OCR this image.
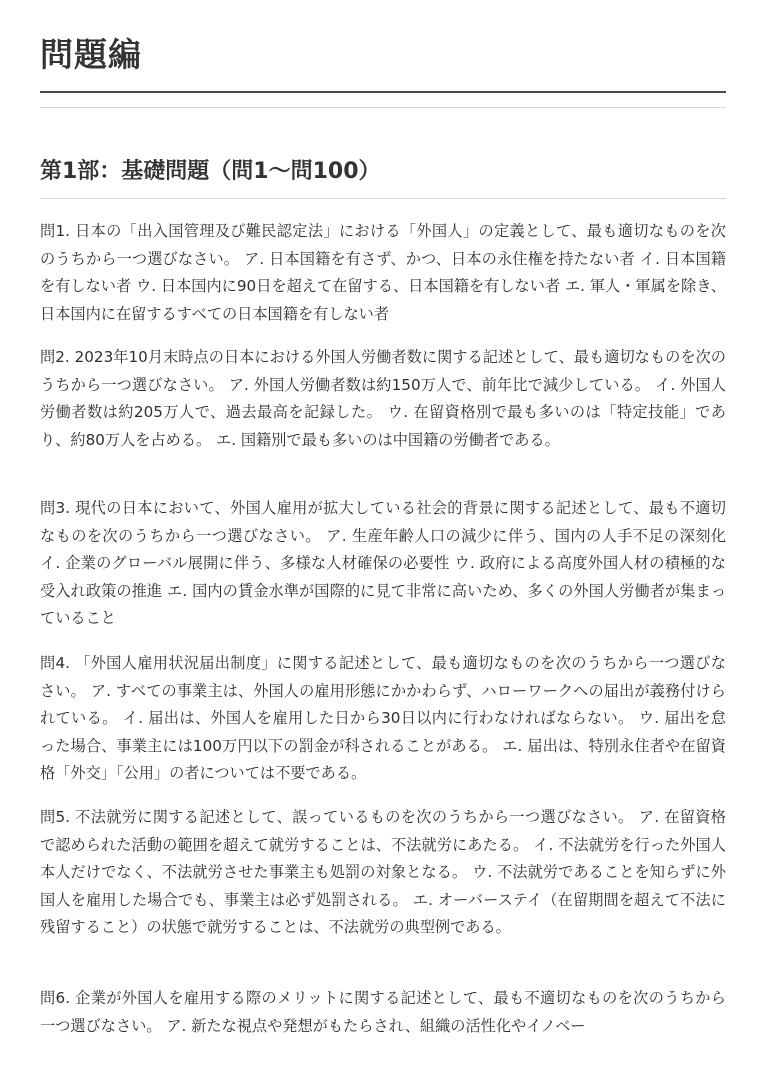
問題編
第1部：基礎問題（問1〜問100）

問1. 日本の「出入国管理及び難民認定法」における「外国人」の定義として、最も適切なものを次のうちから一つ選びなさい。 ア. 日本国籍を有さず、かつ、日本の永住権を持たない者 イ. 日本国籍を有しない者 ウ. 日本国内に90日を超えて在留する、日本国籍を有しない者 エ. 軍人・軍属を除き、日本国内に在留するすべての日本国籍を有しない者

問2. 2023年10月末時点の日本における外国人労働者数に関する記述として、最も適切なものを次のうちから一つ選びなさい。 ア. 外国人労働者数は約150万人で、前年比で減少している。 イ. 外国人労働者数は約205万人で、過去最高を記録した。 ウ. 在留資格別で最も多いのは「特定技能」であり、約80万人を占める。 エ. 国籍別で最も多いのは中国籍の労働者である。

問3. 現代の日本において、外国人雇用が拡大している社会的背景に関する記述として、最も不適切なものを次のうちから一つ選びなさい。 ア. 生産年齢人口の減少に伴う、国内の人手不足の深刻化 イ. 企業のグローバル展開に伴う、多様な人材確保の必要性 ウ. 政府による高度外国人材の積極的な受入れ政策の推進 エ. 国内の賃金水準が国際的に見て非常に高いため、多くの外国人労働者が集まっていること

問4. 「外国人雇用状況届出制度」に関する記述として、最も適切なものを次のうちから一つ選びなさい。 ア. すべての事業主は、外国人の雇用形態にかかわらず、ハローワークへの届出が義務付けられている。 イ. 届出は、外国人を雇用した日から30日以内に行わなければならない。 ウ. 届出を怠った場合、事業主には100万円以下の罰金が科されることがある。 エ. 届出は、特別永住者や在留資格「外交」「公用」の者については不要である。

問5. 不法就労に関する記述として、誤っているものを次のうちから一つ選びなさい。 ア. 在留資格で認められた活動の範囲を超えて就労することは、不法就労にあたる。 イ. 不法就労を行った外国人本人だけでなく、不法就労させた事業主も処罰の対象となる。 ウ. 不法就労であることを知らずに外国人を雇用した場合でも、事業主は必ず処罰される。 エ. オーバーステイ（在留期間を超えて不法に残留すること）の状態で就労することは、不法就労の典型例である。

問6. 企業が外国人を雇用する際のメリットに関する記述として、最も不適切なものを次のうちから一つ選びなさい。 ア. 新たな視点や発想がもたらされ、組織の活性化やイノベー
